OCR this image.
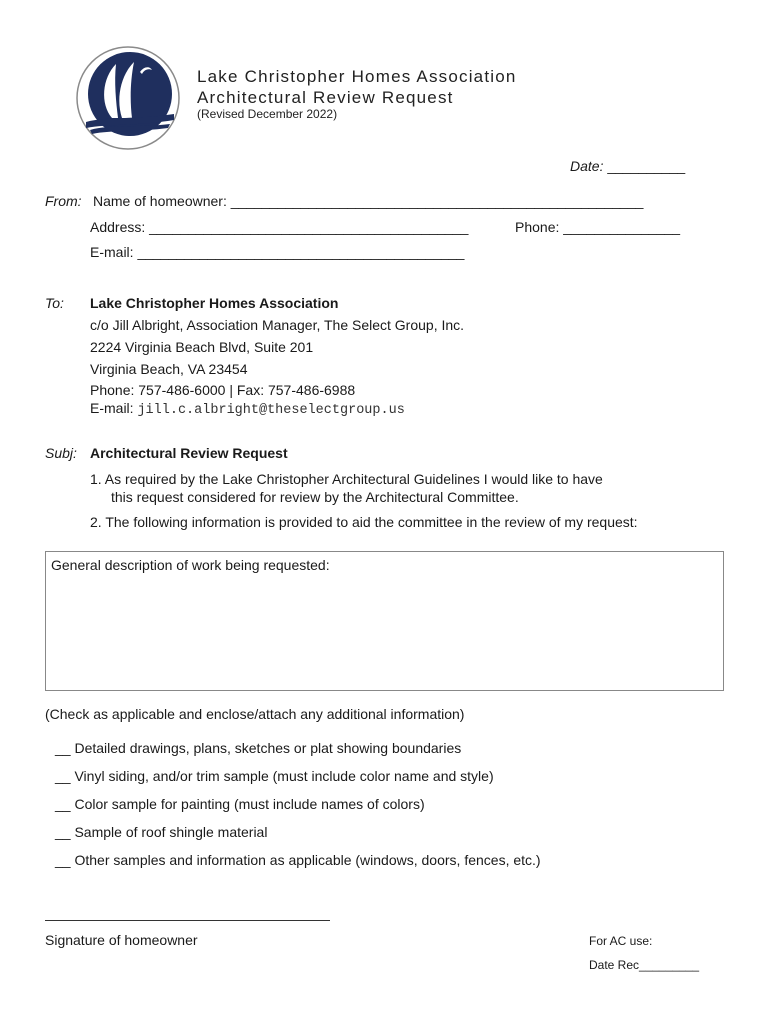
Lake Christopher Homes Association
Architectural Review Request
(Revised December 2022)
Date: __________
From: Name of homeowner: _____________________________________________________
Address: _________________________________________	Phone: _______________
E-mail: __________________________________________
To: Lake Christopher Homes Association
c/o Jill Albright, Association Manager, The Select Group, Inc.
2224 Virginia Beach Blvd, Suite 201
Virginia Beach, VA 23454
Phone: 757-486-6000 | Fax: 757-486-6988
E-mail: jill.c.albright@theselectgroup.us
Subj: Architectural Review Request
1. As required by the Lake Christopher Architectural Guidelines I would like to have
this request considered for review by the Architectural Committee.
2. The following information is provided to aid the committee in the review of my request:
General description of work being requested:
(Check as applicable and enclose/attach any additional information)
__ Detailed drawings, plans, sketches or plat showing boundaries
__ Vinyl siding, and/or trim sample (must include color name and style)
__ Color sample for painting (must include names of colors)
__ Sample of roof shingle material
__ Other samples and information as applicable (windows, doors, fences, etc.)
Signature of homeowner	For AC use:
Date Rec_________
